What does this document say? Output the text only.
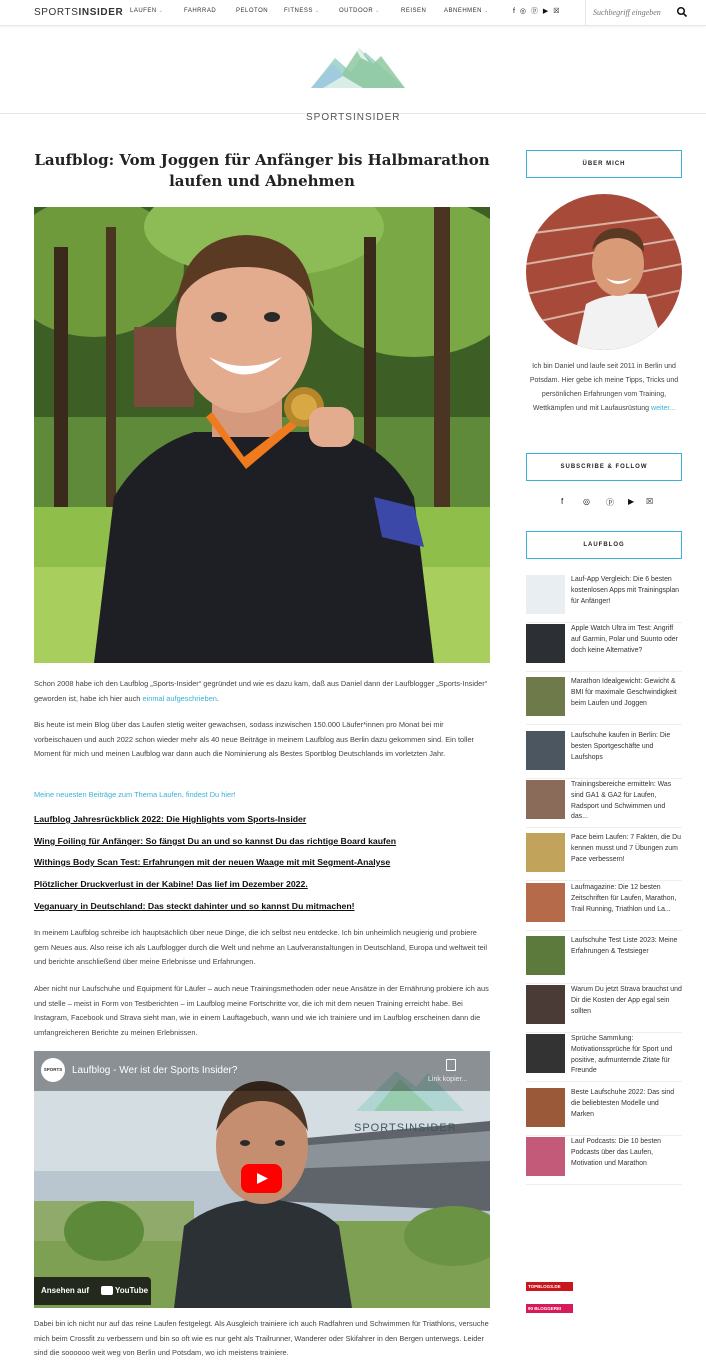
SPORTSINSIDER LAUFEN ⌄	FAHRRAD	PELOTON	FITNESS ⌄	OUTDOOR ⌄	REISEN	ABNEHMEN ⌄	f ◎ ⓟ ▶ ☒
Suchbegriff eingeben
SPORTSINSIDER
Laufblog: Vom Joggen für Anfänger bis Halbmarathon laufen und Abnehmen

Schon 2008 habe ich den Laufblog „Sports-Insider“ gegründet und wie es dazu kam, daß aus Daniel dann der Laufblogger „Sports-Insider“ geworden ist, habe ich hier auch einmal aufgeschrieben.

Bis heute ist mein Blog über das Laufen stetig weiter gewachsen, sodass inzwischen 150.000 Läufer*innen pro Monat bei mir vorbeischauen und auch 2022 schon wieder mehr als 40 neue Beiträge in meinem Laufblog aus Berlin dazu gekommen sind. Ein toller Moment für mich und meinen Laufblog war dann auch die Nominierung als Bestes Sportblog Deutschlands im vorletzten Jahr.

Meine neuesten Beiträge zum Thema Laufen, findest Du hier!
Laufblog Jahresrückblick 2022: Die Highlights vom Sports-Insider
Wing Foiling für Anfänger: So fängst Du an und so kannst Du das richtige Board kaufen
Withings Body Scan Test: Erfahrungen mit der neuen Waage mit mit Segment-Analyse
Plötzlicher Druckverlust in der Kabine! Das lief im Dezember 2022.
Veganuary in Deutschland: Das steckt dahinter und so kannst Du mitmachen!

In meinem Laufblog schreibe ich hauptsächlich über neue Dinge, die ich selbst neu entdecke. Ich bin unheimlich neugierig und probiere gern Neues aus. Also reise ich als Laufblogger durch die Welt und nehme an Laufveranstaltungen in Deutschland, Europa und weltweit teil und berichte anschließend über meine Erlebnisse und Erfahrungen.

Aber nicht nur Laufschuhe und Equipment für Läufer – auch neue Trainingsmethoden oder neue Ansätze in der Ernährung probiere ich aus und stelle – meist in Form von Testberichten – im Laufblog meine Fortschritte vor, die ich mit dem neuen Training erreicht habe. Bei Instagram, Facebook und Strava sieht man, wie in einem Lauftagebuch, wann und wie ich trainiere und im Laufblog erscheinen dann die umfangreicheren Berichte zu meinen Erlebnissen.

SPORTS Laufblog - Wer ist der Sports Insider?
Link kopier...
SPORTSINSIDER
Ansehen auf	YouTube

Dabei bin ich nicht nur auf das reine Laufen festgelegt. Als Ausgleich trainiere ich auch Radfahren und Schwimmen für Triathlons, versuche mich beim Crossfit zu verbessern und bin so oft wie es nur geht als Trailrunner, Wanderer oder Skifahrer in den Bergen unterwegs. Leider sind die soooooo weit weg von Berlin und Potsdam, wo ich meistens trainiere.

ÜBER MICH

Ich bin Daniel und laufe seit 2011 in Berlin und Potsdam. Hier gebe ich meine Tipps, Tricks und persönlichen Erfahrungen vom Training, Wettkämpfen und mit Laufausrüstung weiter...

SUBSCRIBE & FOLLOW
f ◎ ⓟ ▶ ☒
LAUFBLOG
Lauf-App Vergleich: Die 6 besten kostenlosen Apps mit Trainingsplan für Anfänger!
Apple Watch Ultra im Test: Angriff auf Garmin, Polar und Suunto oder doch keine Alternative?
Marathon Idealgewicht: Gewicht & BMI für maximale Geschwindigkeit beim Laufen und Joggen
Laufschuhe kaufen in Berlin: Die besten Sportgeschäfte und Laufshops
Trainingsbereiche ermitteln: Was sind GA1 & GA2 für Laufen, Radsport und Schwimmen und das...
Pace beim Laufen: 7 Fakten, die Du kennen musst und 7 Übungen zum Pace verbessern!
Laufmagazine: Die 12 besten Zeitschriften für Laufen, Marathon, Trail Running, Triathlon und La...
Laufschuhe Test Liste 2023: Meine Erfahrungen & Testsieger
Warum Du jetzt Strava brauchst und Dir die Kosten der App egal sein sollten
Sprüche Sammlung: Motivationssprüche für Sport und positive, aufmunternde Zitate für Freunde
Beste Laufschuhe 2022: Das sind die beliebtesten Modelle und Marken
Lauf Podcasts: Die 10 besten Podcasts über das Laufen, Motivation und Marathon
TOPBLOGS.DE
90 BLOGGEREI
